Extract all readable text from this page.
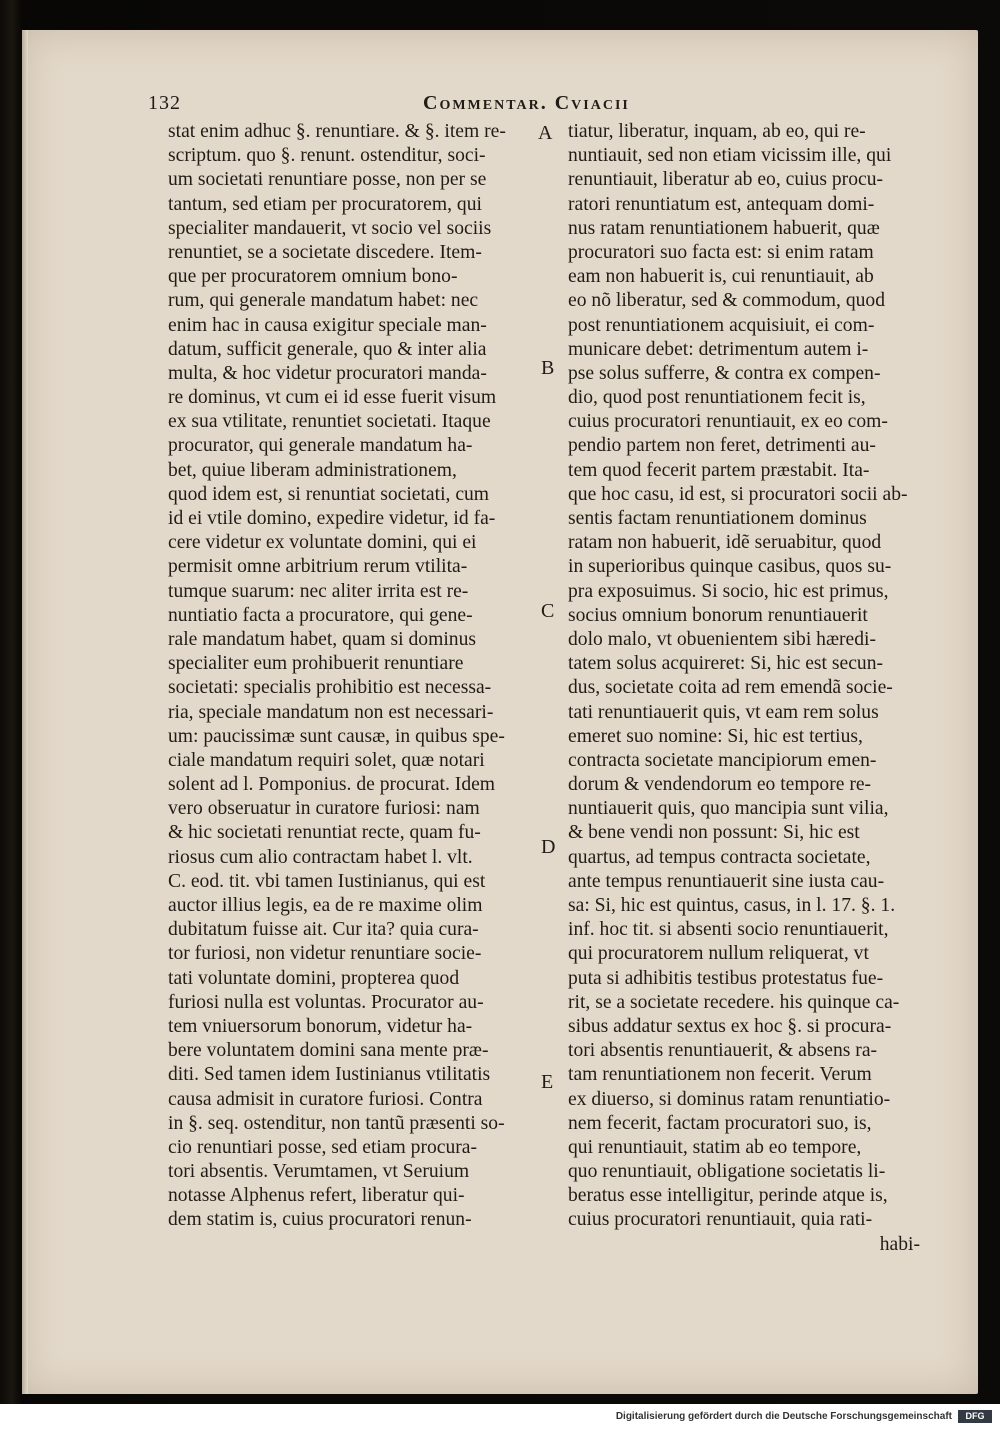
132	Commentar. Cviacii
stat enim adhuc §. renuntiare. & §. item re-
scriptum. quo §. renunt. ostenditur, soci-
um societati renuntiare posse, non per se
tantum, sed etiam per procuratorem, qui
specialiter mandauerit, vt socio vel sociis
renuntiet, se a societate discedere. Item-
que per procuratorem omnium bono-
rum, qui generale mandatum habet: nec
enim hac in causa exigitur speciale man-
datum, sufficit generale, quo & inter alia
multa, & hoc videtur procuratori manda-
re dominus, vt cum ei id esse fuerit visum
ex sua vtilitate, renuntiet societati. Itaque
procurator, qui generale mandatum ha-
bet, quiue liberam administrationem,
quod idem est, si renuntiat societati, cum
id ei vtile domino, expedire videtur, id fa-
cere videtur ex voluntate domini, qui ei
permisit omne arbitrium rerum vtilita-
tumque suarum: nec aliter irrita est re-
nuntiatio facta a procuratore, qui gene-
rale mandatum habet, quam si dominus
specialiter eum prohibuerit renuntiare
societati: specialis prohibitio est necessa-
ria, speciale mandatum non est necessari-
um: paucissimæ sunt causæ, in quibus spe-
ciale mandatum requiri solet, quæ notari
solent ad l. Pomponius. de procurat. Idem
vero obseruatur in curatore furiosi: nam
& hic societati renuntiat recte, quam fu-
riosus cum alio contractam habet l. vlt.
C. eod. tit. vbi tamen Iustinianus, qui est
auctor illius legis, ea de re maxime olim
dubitatum fuisse ait. Cur ita? quia cura-
tor furiosi, non videtur renuntiare socie-
tati voluntate domini, propterea quod
furiosi nulla est voluntas. Procurator au-
tem vniuersorum bonorum, videtur ha-
bere voluntatem domini sana mente præ-
diti. Sed tamen idem Iustinianus vtilitatis
causa admisit in curatore furiosi. Contra
in §. seq. ostenditur, non tantũ præsenti so-
cio renuntiari posse, sed etiam procura-
tori absentis. Verumtamen, vt Seruium
notasse Alphenus refert, liberatur qui-
dem statim is, cuius procuratori renun-
tiatur, liberatur, inquam, ab eo, qui re-
nuntiauit, sed non etiam vicissim ille, qui
renuntiauit, liberatur ab eo, cuius procu-
ratori renuntiatum est, antequam domi-
nus ratam renuntiationem habuerit, quæ
procuratori suo facta est: si enim ratam
eam non habuerit is, cui renuntiauit, ab
eo nõ liberatur, sed & commodum, quod
post renuntiationem acquisiuit, ei com-
municare debet: detrimentum autem i-
pse solus sufferre, & contra ex compen-
dio, quod post renuntiationem fecit is,
cuius procuratori renuntiauit, ex eo com-
pendio partem non feret, detrimenti au-
tem quod fecerit partem præstabit. Ita-
que hoc casu, id est, si procuratori socii ab-
sentis factam renuntiationem dominus
ratam non habuerit, idẽ seruabitur, quod
in superioribus quinque casibus, quos su-
pra exposuimus. Si socio, hic est primus,
socius omnium bonorum renuntiauerit
dolo malo, vt obuenientem sibi hæredi-
tatem solus acquireret: Si, hic est secun-
dus, societate coita ad rem emendã socie-
tati renuntiauerit quis, vt eam rem solus
emeret suo nomine: Si, hic est tertius,
contracta societate mancipiorum emen-
dorum & vendendorum eo tempore re-
nuntiauerit quis, quo mancipia sunt vilia,
& bene vendi non possunt: Si, hic est
quartus, ad tempus contracta societate,
ante tempus renuntiauerit sine iusta cau-
sa: Si, hic est quintus, casus, in l. 17. §. 1.
inf. hoc tit. si absenti socio renuntiauerit,
qui procuratorem nullum reliquerat, vt
puta si adhibitis testibus protestatus fue-
rit, se a societate recedere. his quinque ca-
sibus addatur sextus ex hoc §. si procura-
tori absentis renuntiauerit, & absens ra-
tam renuntiationem non fecerit. Verum
ex diuerso, si dominus ratam renuntiatio-
nem fecerit, factam procuratori suo, is,
qui renuntiauit, statim ab eo tempore,
quo renuntiauit, obligatione societatis li-
beratus esse intelligitur, perinde atque is,
cuius procuratori renuntiauit, quia rati-
habi-
A
B
C
D
E
Digitalisierung gefördert durch die Deutsche Forschungsgemeinschaft	DFG
